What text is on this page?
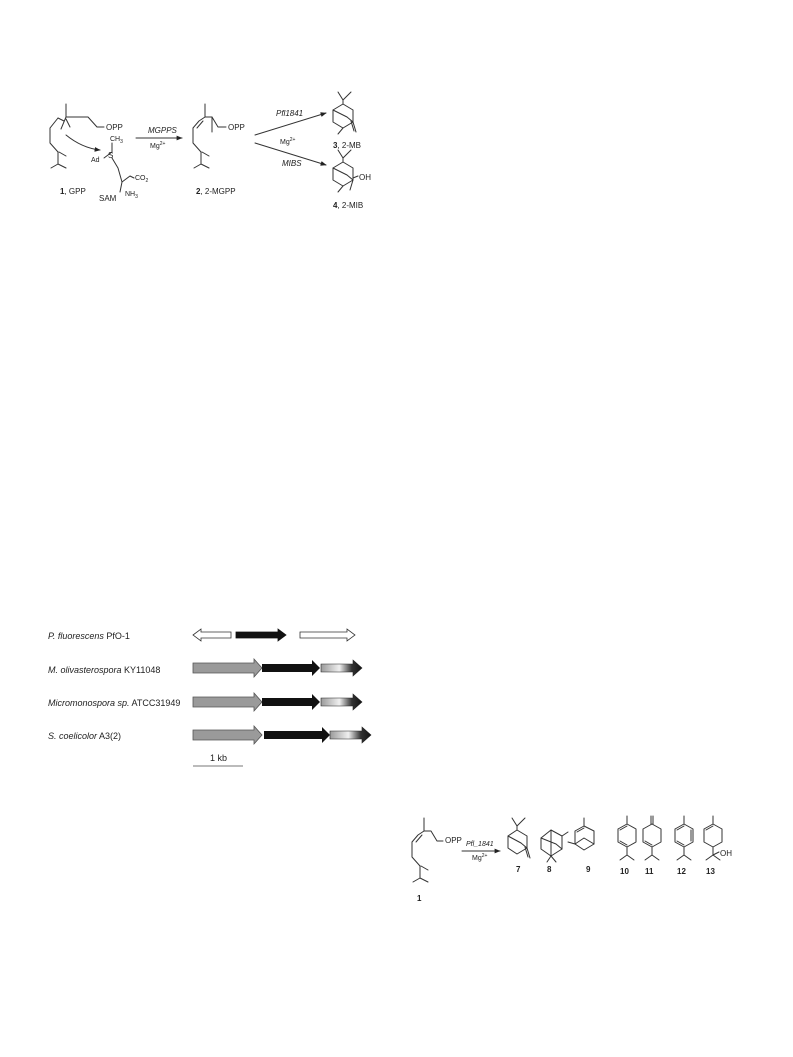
OPP
$CH_3$
S
Ad
$CO_2$
$NH_3$
SAM
1, GPP
MGPPS
$Mg^{2+}$
OPP
2, 2-MGPP
Pfl1841
$Mg^{2+}$
MIBS
3, 2-MB
OH
4, 2-MIB
P. fluorescens PfO-1
M. olivasterospora KY11048
Micromonospora sp. ATCC31949
S. coelicolor A3(2)
1 kb
OPP
1
Pfl_1841
$Mg^{2+}$
7	8	9	10 11	12
OH
13
